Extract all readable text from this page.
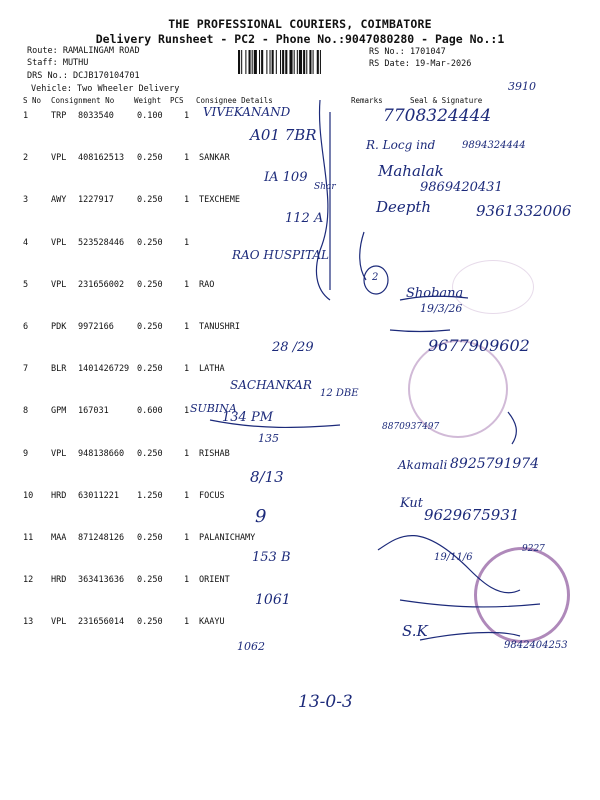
THE PROFESSIONAL COURIERS, COIMBATORE
Delivery Runsheet - PC2 - Phone No.:9047080280 - Page No.:1
Route: RAMALINGAM ROAD
Staff: MUTHU
DRS No.: DCJB170104701
Vehicle: Two Wheeler Delivery
RS No.: 1701047
RS Date: 19-Mar-2026
S No Consignment No	Weight PCS Consignee Details	Remarks	Seal & Signature
1	TRP 8033540	0.100	1
2	VPL 408162513 0.250	1 SANKAR
3	AWY 1227917	0.250	1 TEXCHEME
4	VPL 523528446 0.250	1
5	VPL 231656002 0.250	1 RAO
6	PDK 9972166	0.250	1 TANUSHRI
7	BLR 1401426729 0.250	1 LATHA
8	GPM 167031	0.600	1
9	VPL 948138660 0.250	1 RISHAB
10 HRD 63011221 1.250	1 FOCUS
11 MAA 871248126 0.250	1 PALANICHAMY
12 HRD 363413636 0.250	1 ORIENT
13 VPL 231656014 0.250	1 KAAYU
3910
VIVEKANAND
A01 7BR
7708324444
R. Locg ind	9894324444
IA 109
Shar
Mahalak
9869420431
112 A
Deepth	9361332006
RAO HUSPITAL
2
Shobana
19/3/26
9677909602
28 /29
SACHANKAR
12 DBE
SUBINA
134 PM
135
8870937497
Akamali 8925791974
8/13
Kut
9629675931
9
19/11/6
9227
153 B
1061
1062	9842404253
S.K
13-0-3
